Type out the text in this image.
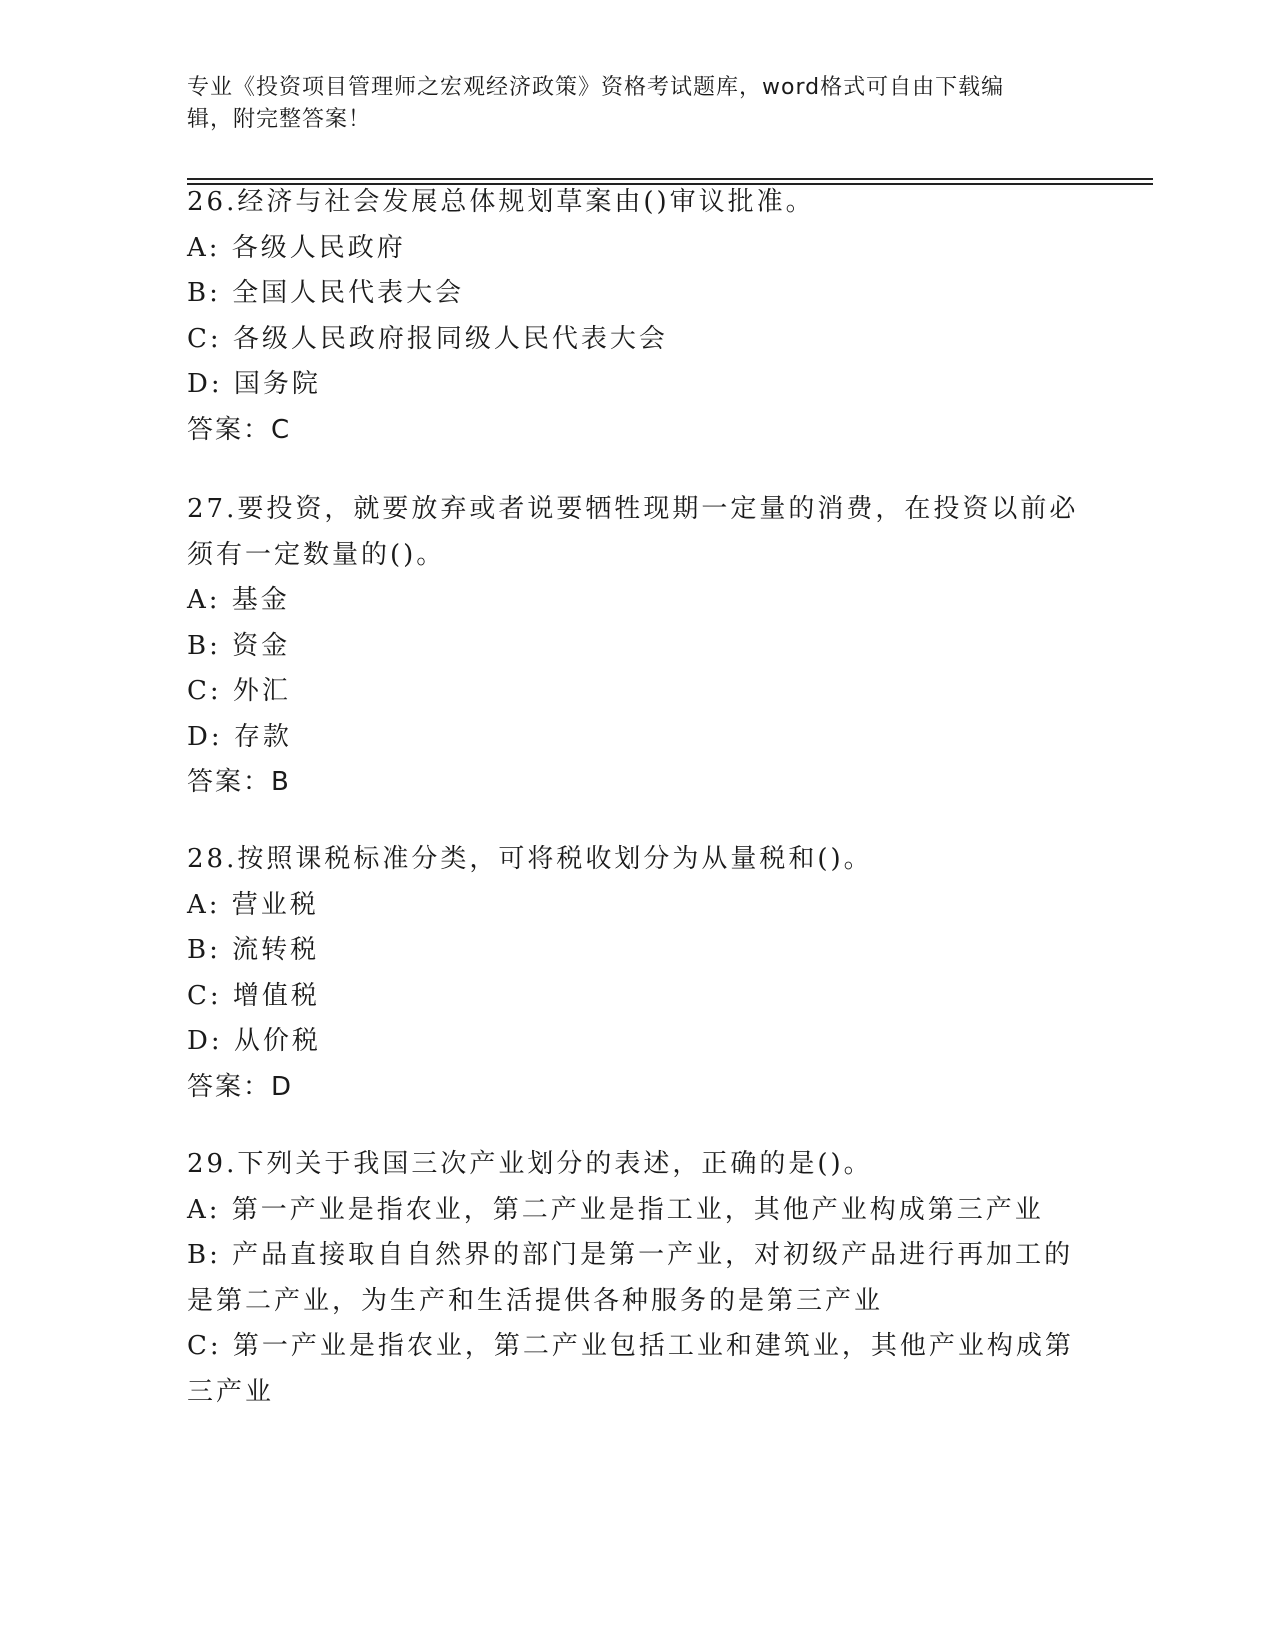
专业《投资项目管理师之宏观经济政策》资格考试题库，word格式可自由下载编
辑，附完整答案！
26.经济与社会发展总体规划草案由()审议批准。
A: 各级人民政府
B: 全国人民代表大会
C: 各级人民政府报同级人民代表大会
D: 国务院
答案：C
27.要投资，就要放弃或者说要牺牲现期一定量的消费，在投资以前必
须有一定数量的()。
A: 基金
B: 资金
C: 外汇
D: 存款
答案：B
28.按照课税标准分类，可将税收划分为从量税和()。
A: 营业税
B: 流转税
C: 增值税
D: 从价税
答案：D
29.下列关于我国三次产业划分的表述，正确的是()。
A: 第一产业是指农业，第二产业是指工业，其他产业构成第三产业
B: 产品直接取自自然界的部门是第一产业，对初级产品进行再加工的
是第二产业，为生产和生活提供各种服务的是第三产业
C: 第一产业是指农业，第二产业包括工业和建筑业，其他产业构成第
三产业
